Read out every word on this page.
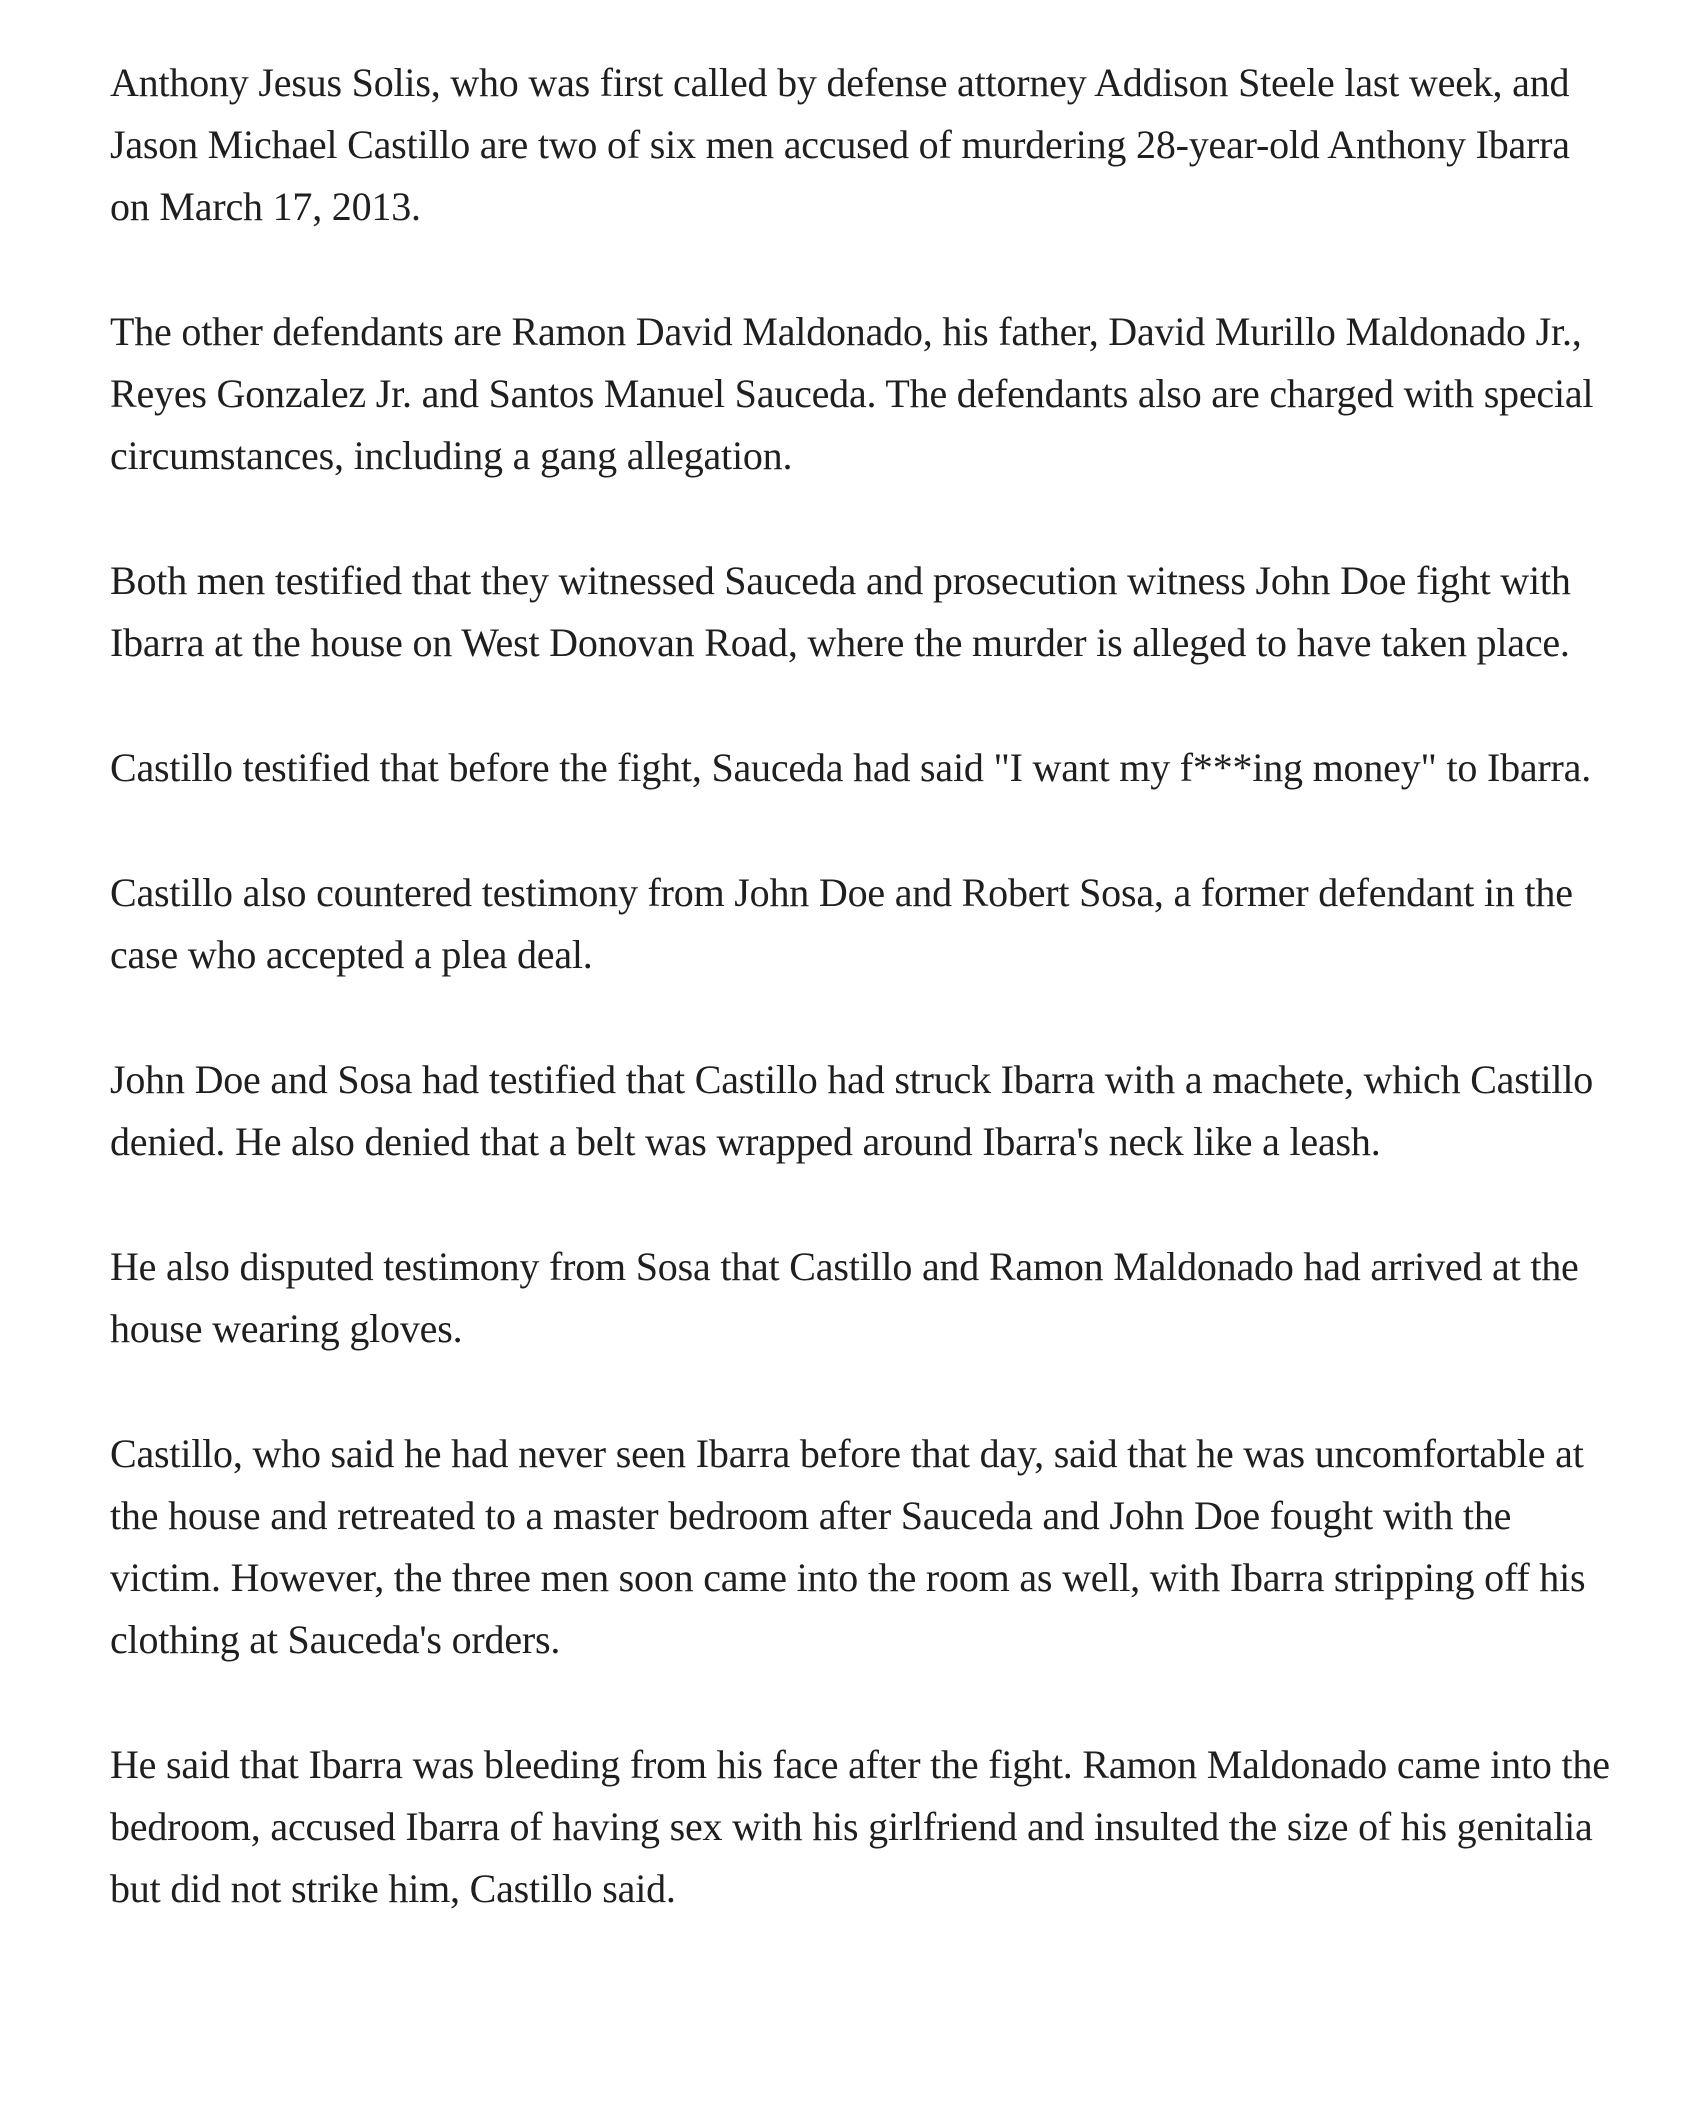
Anthony Jesus Solis, who was first called by defense attorney Addison Steele last week, and Jason Michael Castillo are two of six men accused of murdering 28-year-old Anthony Ibarra on March 17, 2013.

The other defendants are Ramon David Maldonado, his father, David Murillo Maldonado Jr., Reyes Gonzalez Jr. and Santos Manuel Sauceda. The defendants also are charged with special circumstances, including a gang allegation.

Both men testified that they witnessed Sauceda and prosecution witness John Doe fight with Ibarra at the house on West Donovan Road, where the murder is alleged to have taken place.

Castillo testified that before the fight, Sauceda had said "I want my f***ing money" to Ibarra.

Castillo also countered testimony from John Doe and Robert Sosa, a former defendant in the case who accepted a plea deal.

John Doe and Sosa had testified that Castillo had struck Ibarra with a machete, which Castillo denied. He also denied that a belt was wrapped around Ibarra's neck like a leash.

He also disputed testimony from Sosa that Castillo and Ramon Maldonado had arrived at the house wearing gloves.

Castillo, who said he had never seen Ibarra before that day, said that he was uncomfortable at the house and retreated to a master bedroom after Sauceda and John Doe fought with the victim. However, the three men soon came into the room as well, with Ibarra stripping off his clothing at Sauceda's orders.

He said that Ibarra was bleeding from his face after the fight. Ramon Maldonado came into the bedroom, accused Ibarra of having sex with his girlfriend and insulted the size of his genitalia but did not strike him, Castillo said.
